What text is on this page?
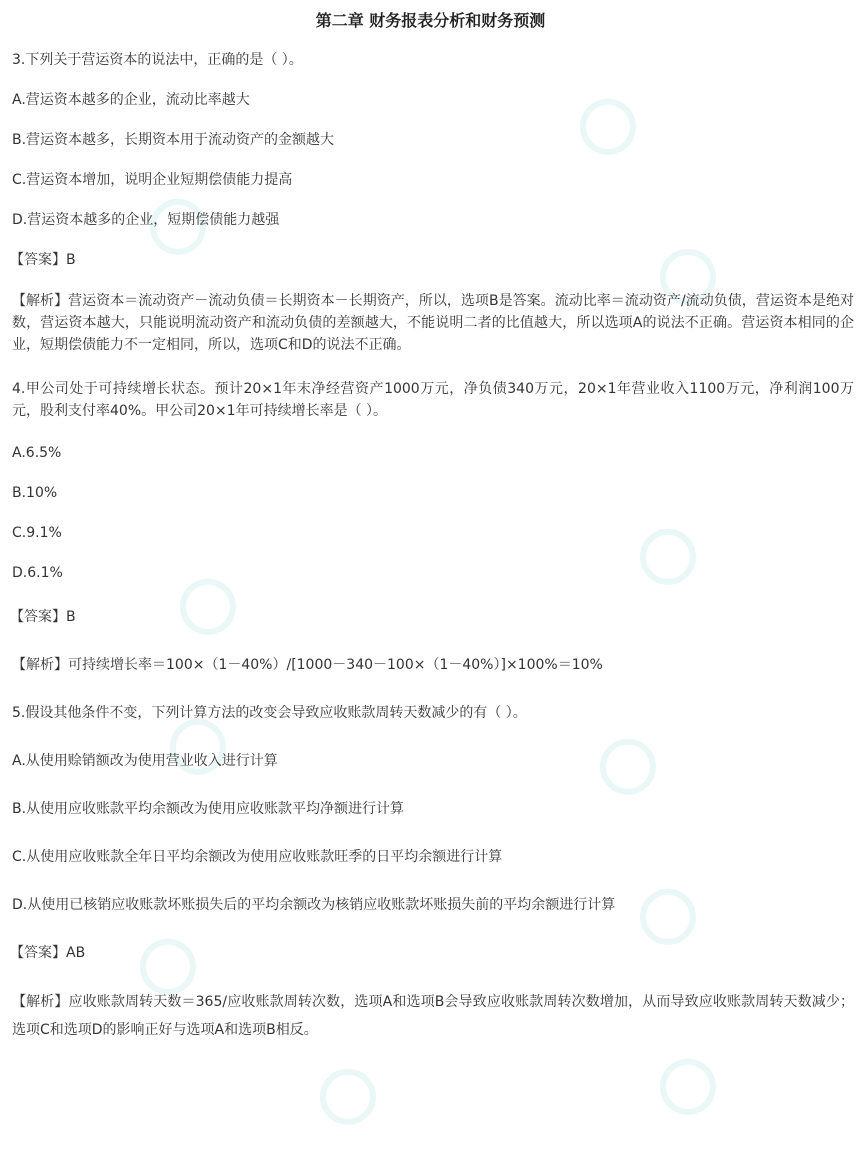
第二章 财务报表分析和财务预测
3.下列关于营运资本的说法中，正确的是（ ）。
A.营运资本越多的企业，流动比率越大
B.营运资本越多，长期资本用于流动资产的金额越大
C.营运资本增加，说明企业短期偿债能力提高
D.营运资本越多的企业，短期偿债能力越强
【答案】B
【解析】营运资本＝流动资产－流动负债＝长期资本－长期资产，所以，选项B是答案。流动比率＝流动资产/流动负债，营运资本是绝对数，营运资本越大，只能说明流动资产和流动负债的差额越大，不能说明二者的比值越大，所以选项A的说法不正确。营运资本相同的企业，短期偿债能力不一定相同，所以，选项C和D的说法不正确。
4.甲公司处于可持续增长状态。预计20×1年末净经营资产1000万元，净负债340万元，20×1年营业收入1100万元，净利润100万元，股利支付率40%。甲公司20×1年可持续增长率是（ ）。
A.6.5%
B.10%
C.9.1%
D.6.1%
【答案】B
【解析】可持续增长率＝100×（1－40%）/[1000－340－100×（1－40%）]×100%＝10%
5.假设其他条件不变，下列计算方法的改变会导致应收账款周转天数减少的有（ ）。
A.从使用赊销额改为使用营业收入进行计算
B.从使用应收账款平均余额改为使用应收账款平均净额进行计算
C.从使用应收账款全年日平均余额改为使用应收账款旺季的日平均余额进行计算
D.从使用已核销应收账款坏账损失后的平均余额改为核销应收账款坏账损失前的平均余额进行计算
【答案】AB
【解析】应收账款周转天数＝365/应收账款周转次数，选项A和选项B会导致应收账款周转次数增加，从而导致应收账款周转天数减少；选项C和选项D的影响正好与选项A和选项B相反。
